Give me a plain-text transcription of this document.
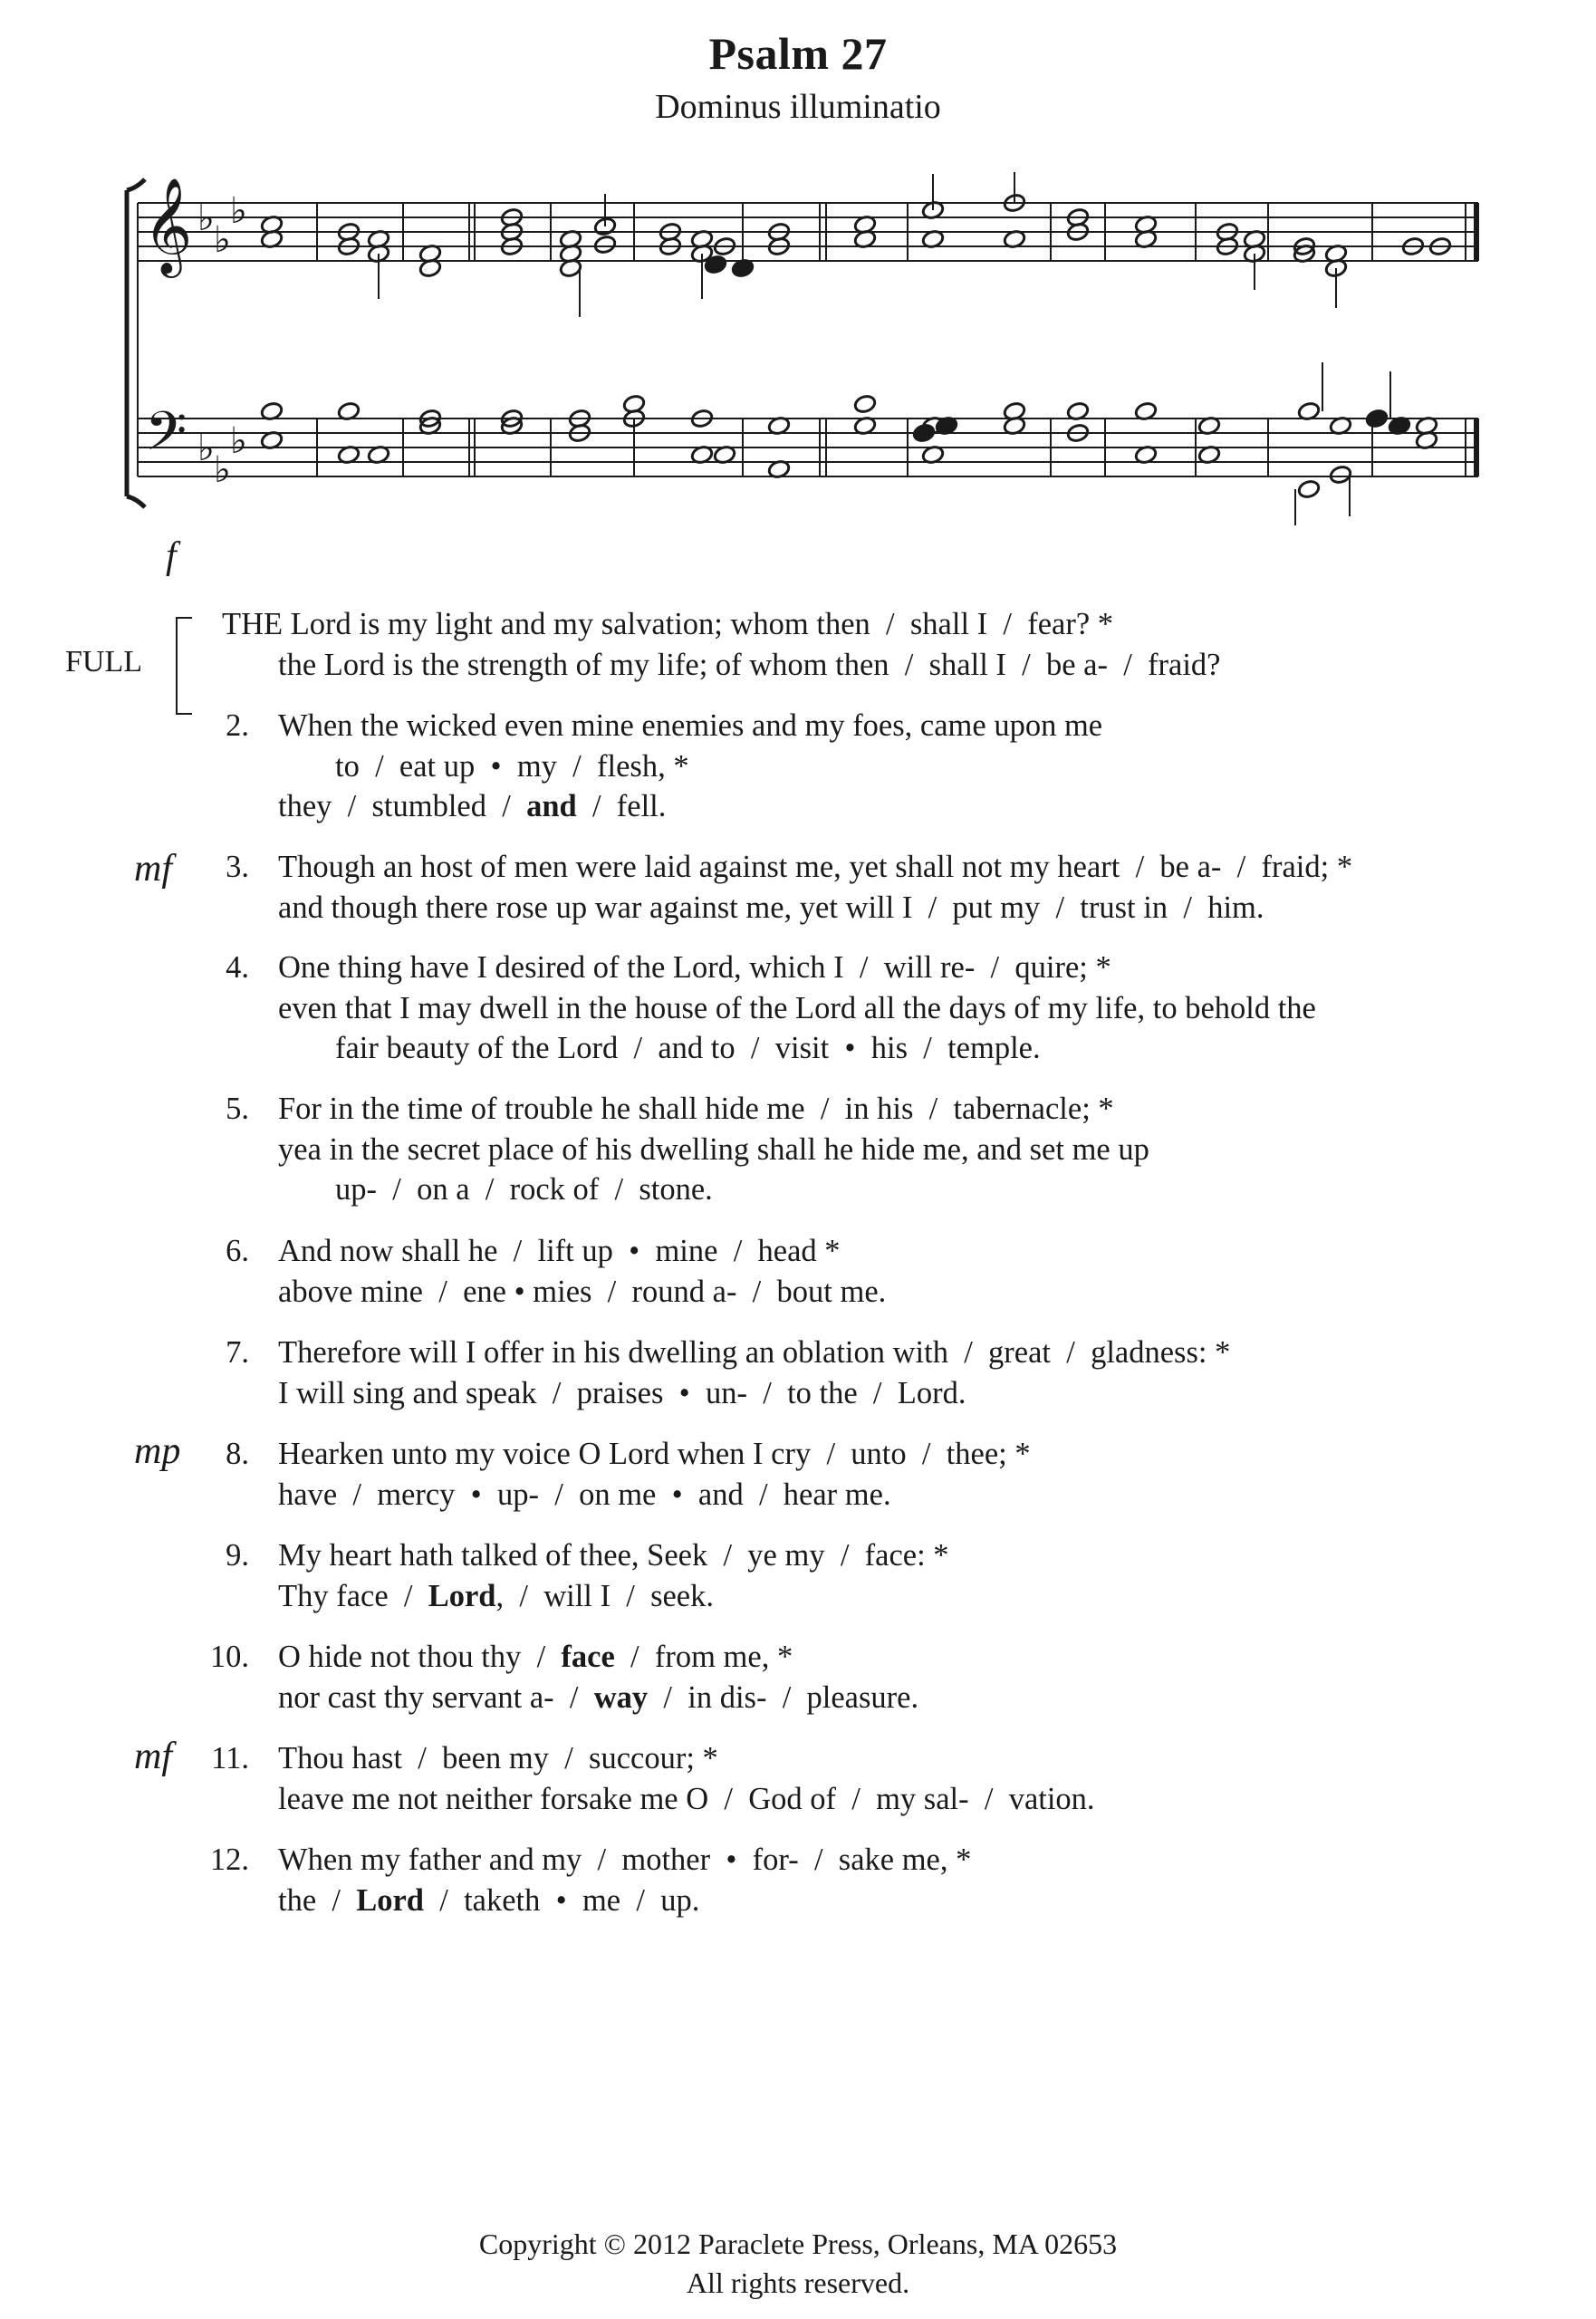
Psalm 27
Dominus illuminatio
𝄞
𝄢
♭
♭
♭
♭
♭
♭
f
mf
mp
mf
FULL
THE Lord is my light and my salvation; whom then  /  shall I  /  fear? *
the Lord is the strength of my life; of whom then  /  shall I  /  be a-  /  fraid?
2. When the wicked even mine enemies and my foes, came upon me
to  /  eat up  •  my  /  flesh, *
they  /  stumbled  /  and  /  fell.
3. Though an host of men were laid against me, yet shall not my heart  /  be a-  /  fraid; *
and though there rose up war against me, yet will I  /  put my  /  trust in  /  him.
4. One thing have I desired of the Lord, which I  /  will re-  /  quire; *
even that I may dwell in the house of the Lord all the days of my life, to behold the
fair beauty of the Lord  /  and to  /  visit  •  his  /  temple.
5. For in the time of trouble he shall hide me  /  in his  /  tabernacle; *
yea in the secret place of his dwelling shall he hide me, and set me up
up-  /  on a  /  rock of  /  stone.
6. And now shall he  /  lift up  •  mine  /  head *
above mine  /  ene • mies  /  round a-  /  bout me.
7. Therefore will I offer in his dwelling an oblation with  /  great  /  gladness: *
I will sing and speak  /  praises  •  un-  /  to the  /  Lord.
8. Hearken unto my voice O Lord when I cry  /  unto  /  thee; *
have  /  mercy  •  up-  /  on me  •  and  /  hear me.
9. My heart hath talked of thee, Seek  /  ye my  /  face: *
Thy face  /  Lord,  /  will I  /  seek.
10. O hide not thou thy  /  face  /  from me, *
nor cast thy servant a-  /  way  /  in dis-  /  pleasure.
11. Thou hast  /  been my  /  succour; *
leave me not neither forsake me O  /  God of  /  my sal-  /  vation.
12. When my father and my  /  mother  •  for-  /  sake me, *
the  /  Lord  /  taketh  •  me  /  up.
Copyright © 2012 Paraclete Press, Orleans, MA 02653
All rights reserved.
